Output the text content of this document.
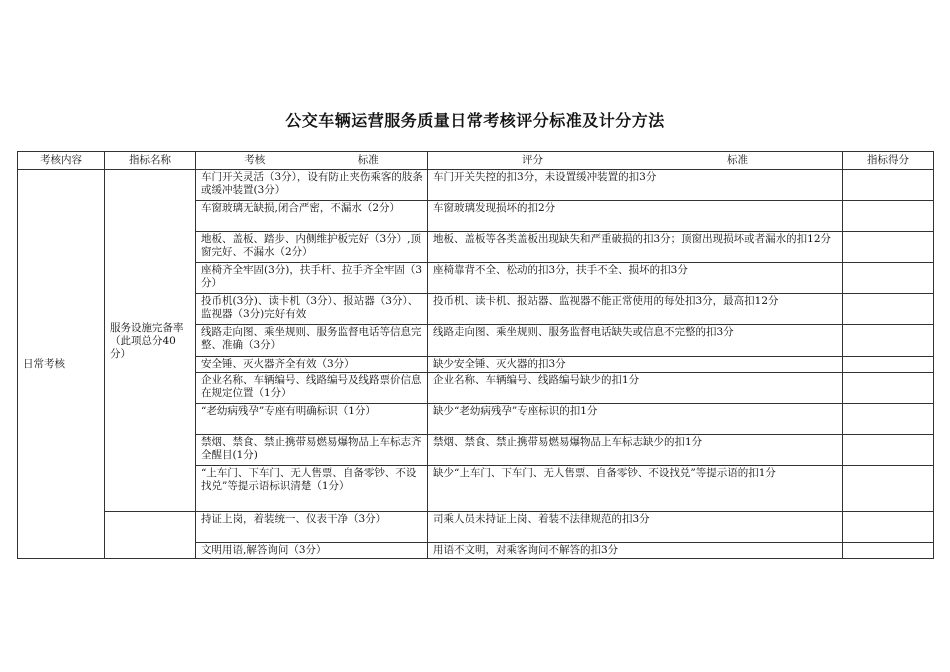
公交车辆运营服务质量日常考核评分标准及计分方法
考核内容	指标名称	考核 标准	评分 标准	指标得分
日常考核	服务设施完备率（此项总分40分）	车门开关灵活（3分），设有防止夹伤乘客的肢条或缓冲装置(3分）	车门开关失控的扣3分，未设置缓冲装置的扣3分	
		车窗玻璃无缺损,闭合严密，不漏水（2分）	车窗玻璃发现损坏的扣2分	
		地板、盖板、踏步、内侧维护板完好（3分）,顶窗完好、不漏水（2分）	地板、盖板等各类盖板出现缺失和严重破损的扣3分；顶窗出现损坏或者漏水的扣12分	
		座椅齐全牢固(3分)，扶手杆、拉手齐全牢固（3分）	座椅靠背不全、松动的扣3分，扶手不全、损坏的扣3分	
		投币机(3分)、读卡机（3分）、报站器（3分）、监视器（3分)完好有效	投币机、读卡机、报站器、监视器不能正常使用的每处扣3分，最高扣12分	
		线路走向图、乘坐规则、服务监督电话等信息完整、准确（3分）	线路走向图、乘坐规则、服务监督电话缺失或信息不完整的扣3分	
		安全锤、灭火器齐全有效（3分）	缺少安全锤、灭火器的扣3分	
		企业名称、车辆编号、线路编号及线路票价信息在规定位置（1分）	企业名称、车辆编号、线路编号缺少的扣1分	
		“老幼病残孕”专座有明确标识（1分）	缺少“老幼病残孕”专座标识的扣1分	
		禁烟、禁食、禁止携带易燃易爆物品上车标志齐全醒目(1分)	禁烟、禁食、禁止携带易燃易爆物品上车标志缺少的扣1分	
		“上车门、下车门、无人售票、自备零钞、不设找兑”等提示语标识清楚（1分）	缺少“上车门、下车门、无人售票、自备零钞、不设找兑”等提示语的扣1分	
		持证上岗，着装统一、仪表干净（3分）	司乘人员未持证上岗、着装不法律规范的扣3分	
		文明用语,解答询问（3分）	用语不文明，对乘客询问不解答的扣3分	
